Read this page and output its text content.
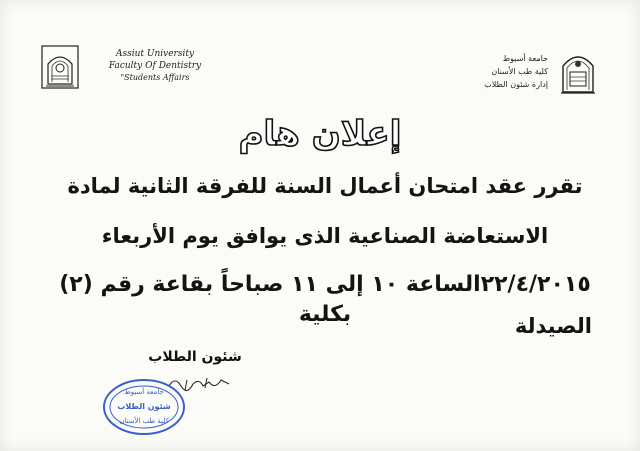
Assiut University
Faculty Of Dentistry
"Students Affairs
جامعة أسيوط
كلية طب الأسنان
إدارة شئون الطلاب
إعلان هام
تقرر عقد امتحان أعمال السنة للفرقة الثانية لمادة
الاستعاضة الصناعية الذى يوافق يوم الأربعاء
٢٢/٤/٢٠١٥الساعة ١٠ إلى ١١ صباحاً بقاعة رقم (٢) بكلية	الصيدلة
شئون الطلاب
جامعة أسيوط
شئون الطلاب
كلية طب الأسنان
